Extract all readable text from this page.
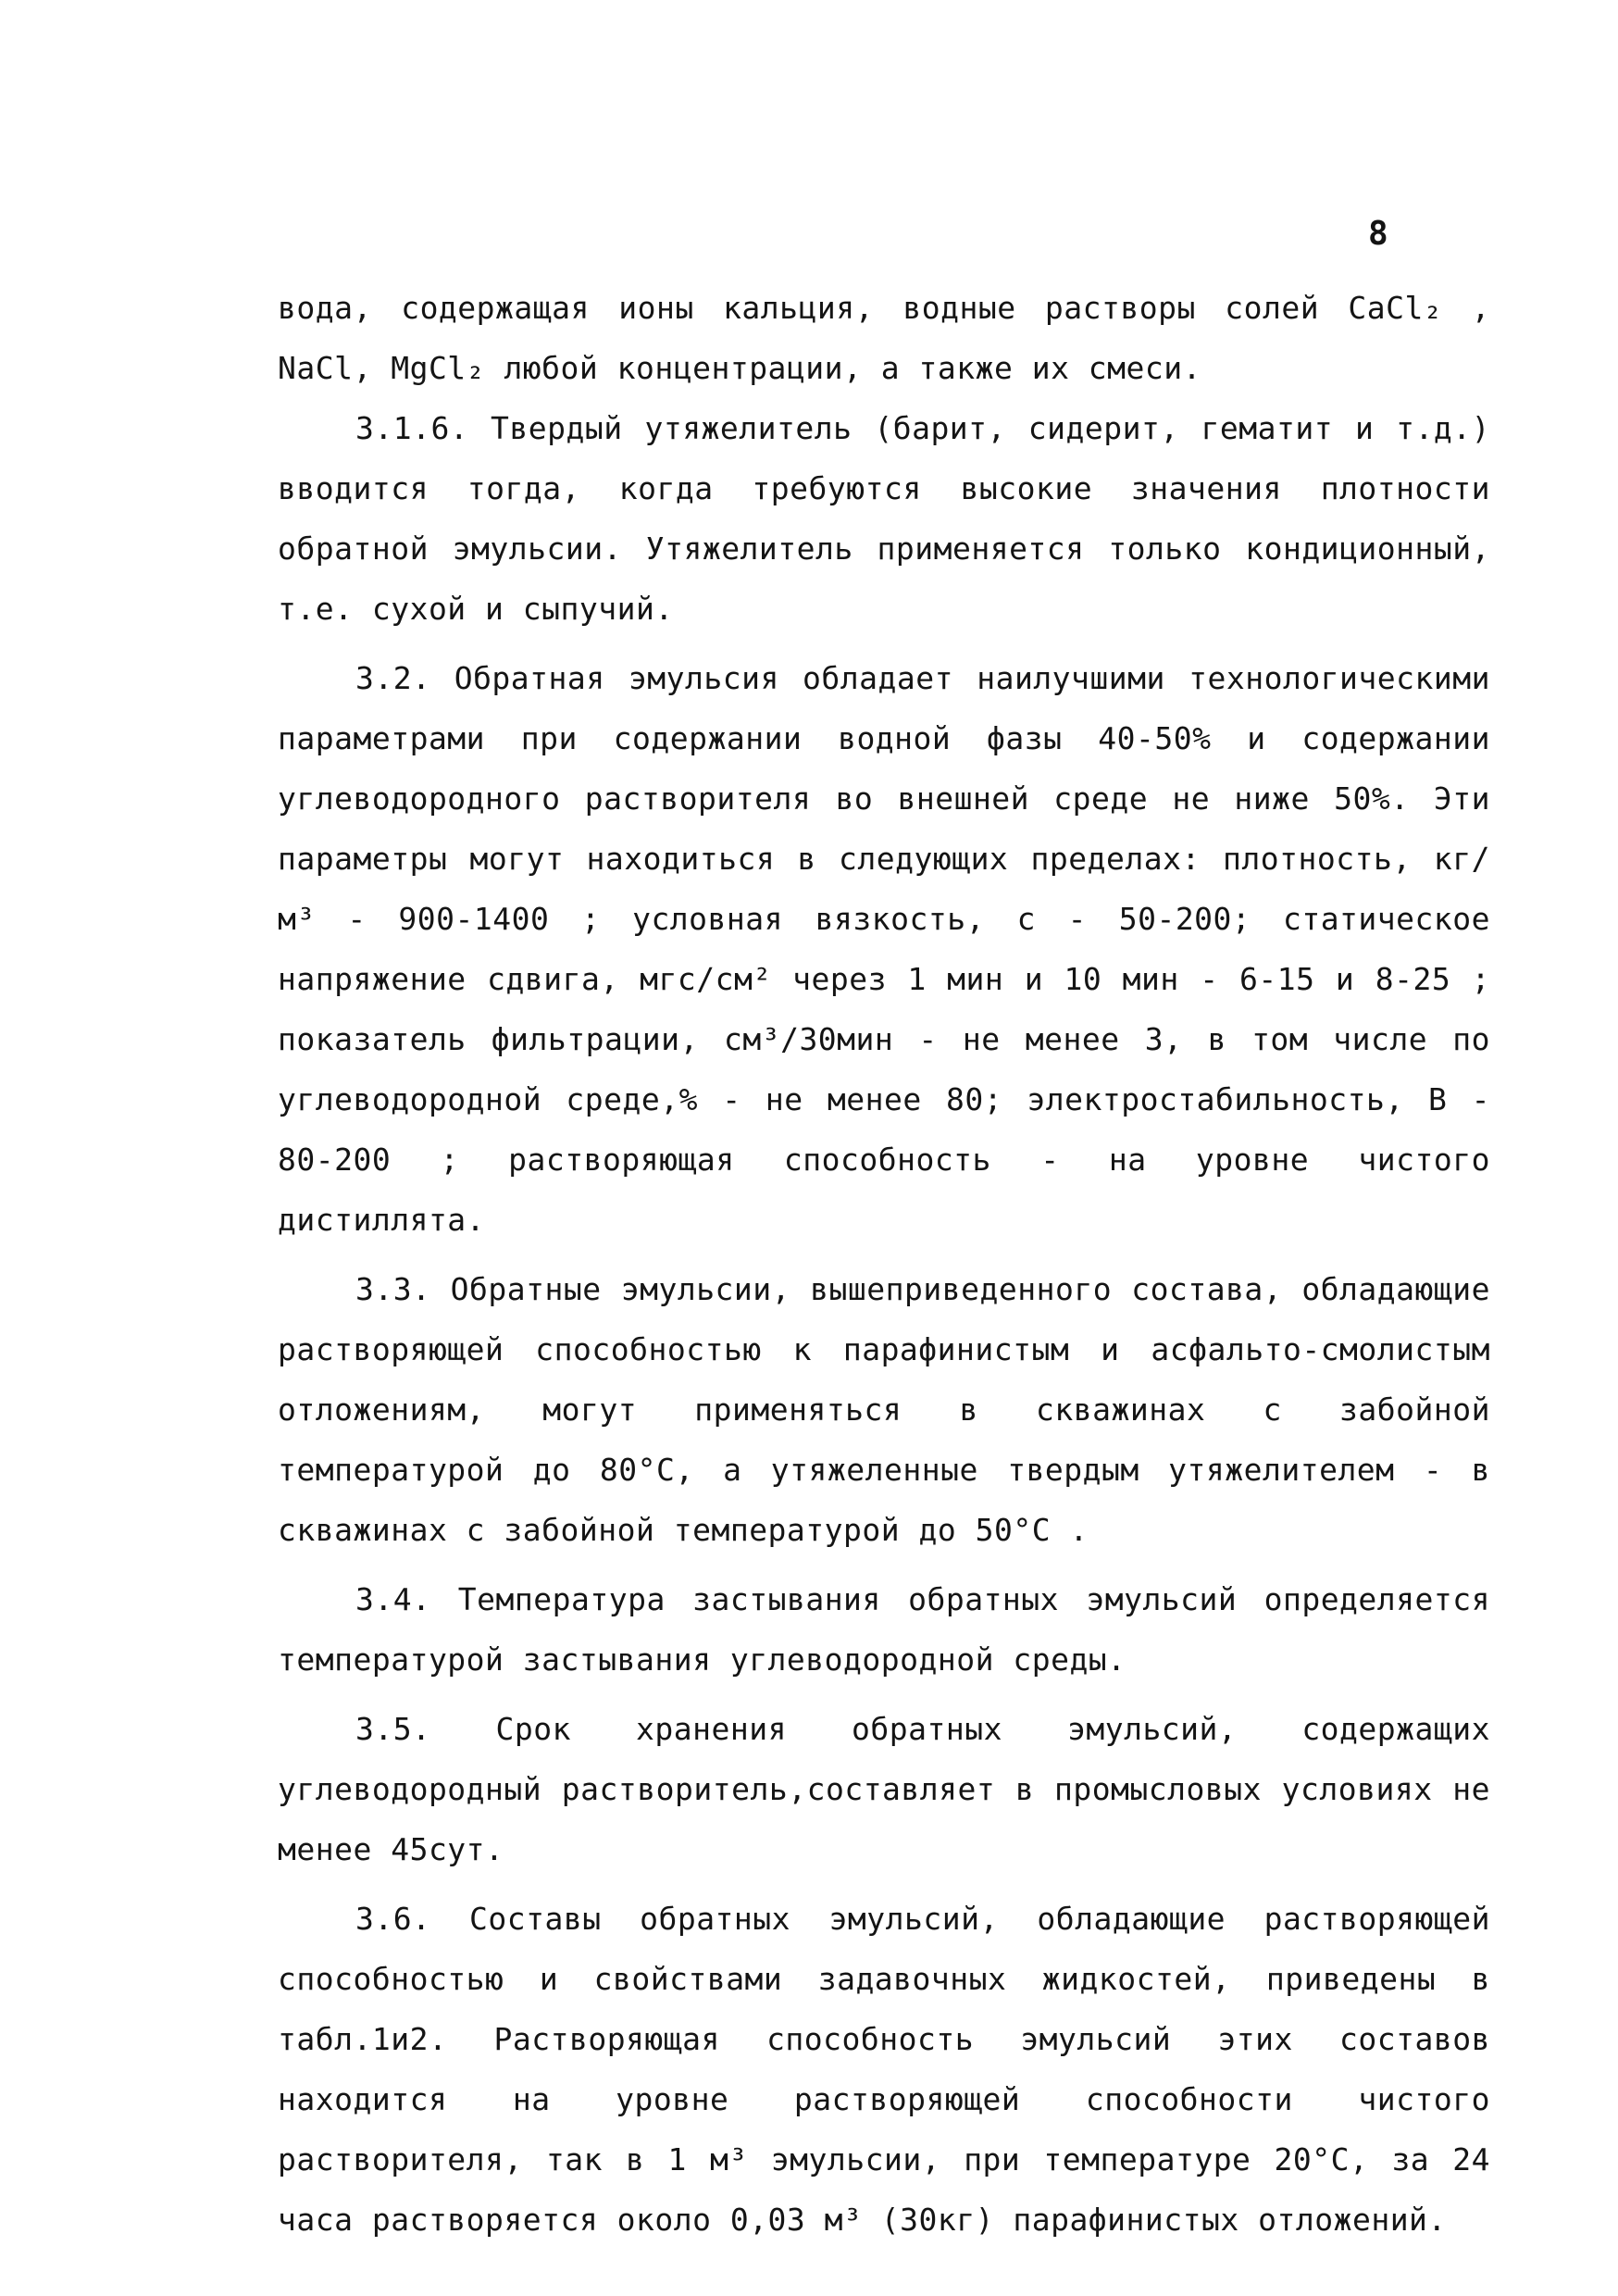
8

вода, содержащая ионы кальция, водные растворы солей CaCl₂ , NaCl, MgCl₂ любой концентрации, а также их смеси.

3.1.6. Твердый утяжелитель (барит, сидерит, гематит и т.д.) вводится тогда, когда требуются высокие значения плотности обратной эмульсии. Утяжелитель применяется только кондиционный, т.е. сухой и сыпучий.

3.2. Обратная эмульсия обладает наилучшими технологическими параметрами при содержании водной фазы 40-50% и содержании углеводородного растворителя во внешней среде не ниже 50%. Эти параметры могут находиться в следующих пределах: плотность, кг/м³ - 900-1400 ; условная вязкость, с - 50-200; статическое напряжение сдвига, мгс/см² через 1 мин и 10 мин - 6-15 и 8-25 ; показатель фильтрации, см³/30мин - не менее 3, в том числе по углеводородной среде,% - не менее 80; электростабильность, В - 80-200 ; растворяющая способность - на уровне чистого дистиллята.

3.3. Обратные эмульсии, вышеприведенного состава, обладающие растворяющей способностью к парафинистым и асфальто-смолистым отложениям, могут применяться в скважинах с забойной температурой до 80°С, а утяжеленные твердым утяжелителем - в скважинах с забойной температурой до 50°С .

3.4. Температура застывания обратных эмульсий определяется температурой застывания углеводородной среды.

3.5. Срок хранения обратных эмульсий, содержащих углеводородный растворитель,составляет в промысловых условиях не менее 45сут.

3.6. Составы обратных эмульсий, обладающие растворяющей способностью и свойствами задавочных жидкостей, приведены в табл.1и2. Растворяющая способность эмульсий этих составов находится на уровне растворяющей способности чистого растворителя, так в 1 м³ эмульсии, при температуре 20°С, за 24 часа растворяется около 0,03 м³ (30кг) парафинистых отложений.
